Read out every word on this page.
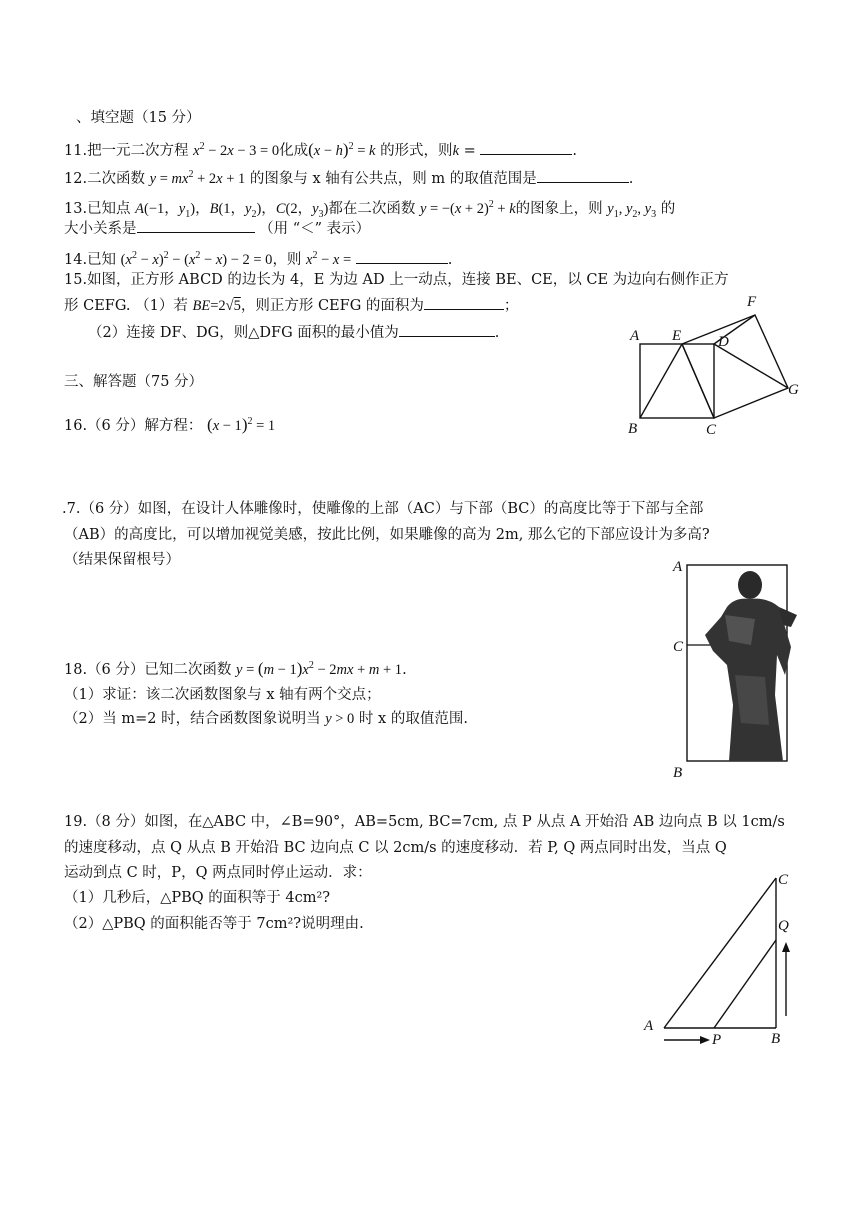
、填空题（15 分）
11.把一元二次方程 $x^2 - 2x - 3 = 0$化成$(x - h)^2 = k$ 的形式，则k =	.
12.二次函数 $y = mx^2 + 2x + 1$ 的图象与 x 轴有公共点，则 m 的取值范围是	.
13.已知点 A(−1，$y_1$)，B(1，$y_2$)，C(2，$y_3$)都在二次函数 $y = -(x + 2)^2 + k$的图象上，则 $y_1$, $y_2$, $y_3$ 的
大小关系是	（用 “＜” 表示）
14.已知 $(x^2 - x)^2 - (x^2 - x) - 2 = 0$，则 $x^2 - x$ =	.
15.如图，正方形 ABCD 的边长为 4，E 为边 AD 上一动点，连接 BE、CE，以 CE 为边向右侧作正方
形 CEFG. （1）若 BE=2√5，则正方形 CEFG 的面积为	；
（2）连接 DF、DG，则△DFG 面积的最小值为	.	A
B	C
D
E
F
G
三、解答题（75 分）
16.（6 分）解方程： $(x - 1)^2 = 1$
.7.（6 分）如图，在设计人体雕像时，使雕像的上部（AC）与下部（BC）的高度比等于下部与全部
（AB）的高度比，可以增加视觉美感，按此比例，如果雕像的高为 2m, 那么它的下部应设计为多高?
（结果保留根号）	A
C
B
18.（6 分）已知二次函数 $y = (m - 1)x^2 - 2mx + m + 1$.
（1）求证：该二次函数图象与 x 轴有两个交点；
（2）当 m=2 时，结合函数图象说明当 y > 0 时 x 的取值范围.
19.（8 分）如图，在△ABC 中，∠B=90°，AB=5cm, BC=7cm, 点 P 从点 A 开始沿 AB 边向点 B 以 1cm/s
的速度移动，点 Q 从点 B 开始沿 BC 边向点 C 以 2cm/s 的速度移动．若 P, Q 两点同时出发，当点 Q
运动到点 C 时，P，Q 两点同时停止运动．求：
（1）几秒后，△PBQ 的面积等于 4cm²?
（2）△PBQ 的面积能否等于 7cm²?说明理由.
A
B
C
P
Q
